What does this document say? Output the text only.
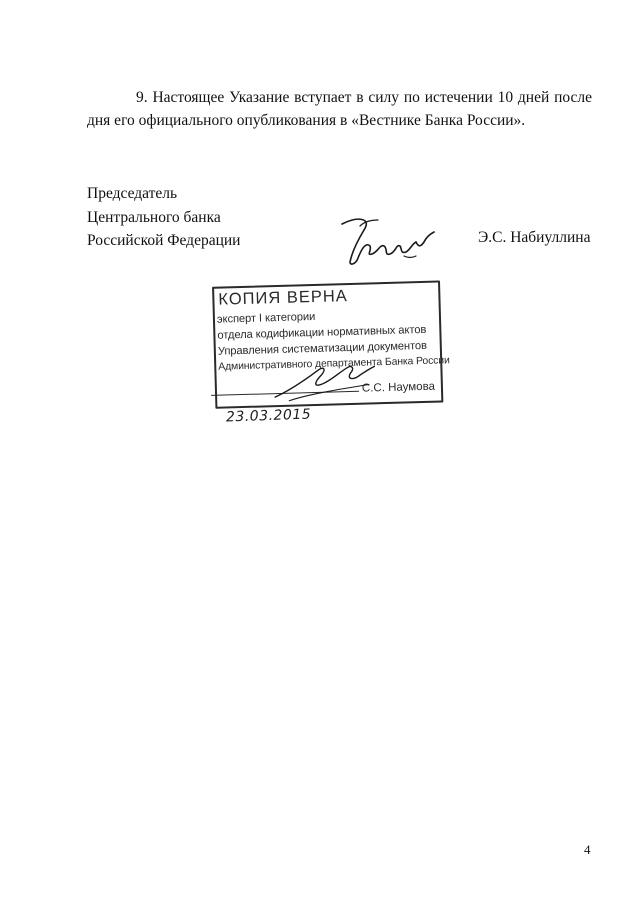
9. Настоящее Указание вступает в силу по истечении 10 дней после дня его официального опубликования в «Вестнике Банка России».

Председатель
Центрального банка
Российской Федерации	Э.С. Набиуллина
КОПИЯ ВЕРНА
эксперт I категории
отдела кодификации нормативных актов
Управления систематизации документов
Административного департамента Банка России
С.С. Наумова
23.03.2015
4
